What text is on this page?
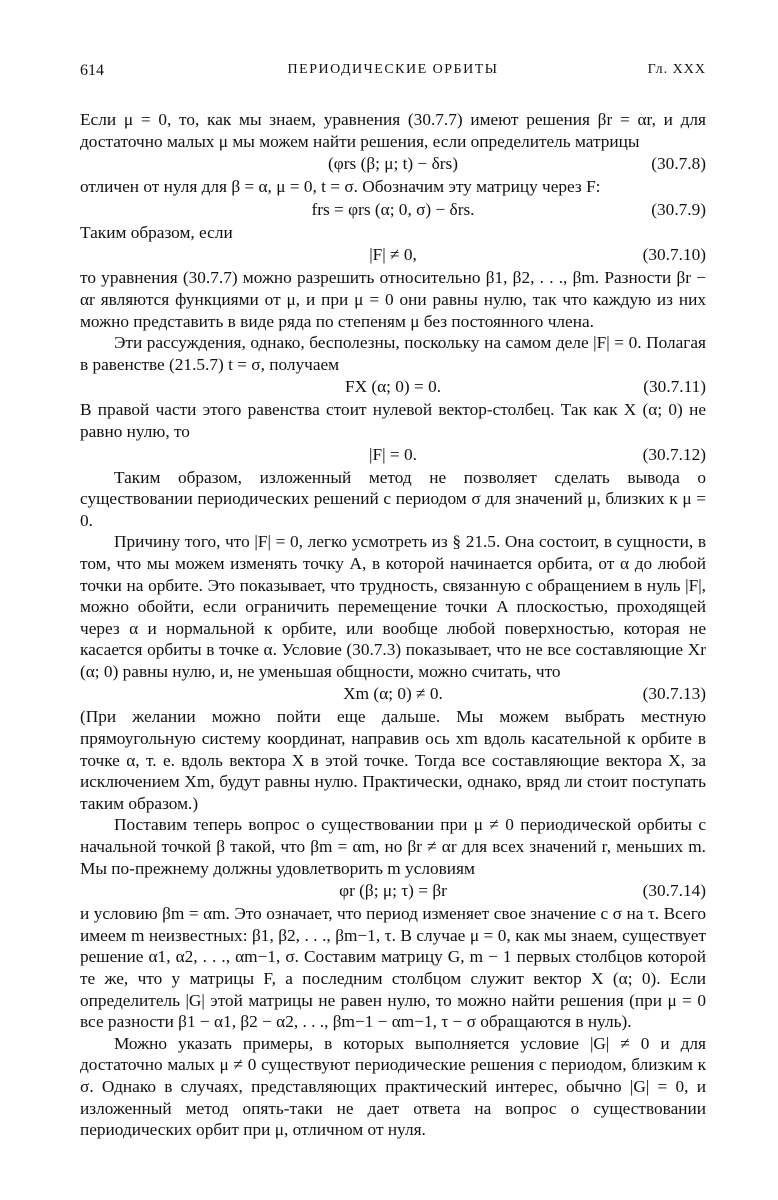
614	ПЕРИОДИЧЕСКИЕ ОРБИТЫ	Гл. XXX

Если μ = 0, то, как мы знаем, уравнения (30.7.7) имеют решения βr = αr, и для достаточно малых μ мы можем найти решения, если определитель матрицы

(φrs (β; μ; t) − δrs)	(30.7.8)

отличен от нуля для β = α, μ = 0, t = σ. Обозначим эту матрицу через F:

frs = φrs (α; 0, σ) − δrs.	(30.7.9)

Таким образом, если

|F| ≠ 0,	(30.7.10)

то уравнения (30.7.7) можно разрешить относительно β1, β2, . . ., βm. Разности βr − αr являются функциями от μ, и при μ = 0 они равны нулю, так что каждую из них можно представить в виде ряда по степеням μ без постоянного члена.

Эти рассуждения, однако, бесполезны, поскольку на самом деле |F| = 0. Полагая в равенстве (21.5.7) t = σ, получаем

FX (α; 0) = 0.	(30.7.11)

В правой части этого равенства стоит нулевой вектор-столбец. Так как X (α; 0) не равно нулю, то

|F| = 0.	(30.7.12)

Таким образом, изложенный метод не позволяет сделать вывода о существовании периодических решений с периодом σ для значений μ, близких к μ = 0.

Причину того, что |F| = 0, легко усмотреть из § 21.5. Она состоит, в сущности, в том, что мы можем изменять точку A, в которой начинается орбита, от α до любой точки на орбите. Это показывает, что трудность, связанную с обращением в нуль |F|, можно обойти, если ограничить перемещение точки A плоскостью, проходящей через α и нормальной к орбите, или вообще любой поверхностью, которая не касается орбиты в точке α. Условие (30.7.3) показывает, что не все составляющие Xr (α; 0) равны нулю, и, не уменьшая общности, можно считать, что

Xm (α; 0) ≠ 0.	(30.7.13)

(При желании можно пойти еще дальше. Мы можем выбрать местную прямоугольную систему координат, направив ось xm вдоль касательной к орбите в точке α, т. е. вдоль вектора X в этой точке. Тогда все составляющие вектора X, за исключением Xm, будут равны нулю. Практически, однако, вряд ли стоит поступать таким образом.)

Поставим теперь вопрос о существовании при μ ≠ 0 периодической орбиты с начальной точкой β такой, что βm = αm, но βr ≠ αr для всех значений r, меньших m. Мы по-прежнему должны удовлетворить m условиям

φr (β; μ; τ) = βr	(30.7.14)

и условию βm = αm. Это означает, что период изменяет свое значение с σ на τ. Всего имеем m неизвестных: β1, β2, . . ., βm−1, τ. В случае μ = 0, как мы знаем, существует решение α1, α2, . . ., αm−1, σ. Составим матрицу G, m − 1 первых столбцов которой те же, что у матрицы F, а последним столбцом служит вектор X (α; 0). Если определитель |G| этой матрицы не равен нулю, то можно найти решения (при μ = 0 все разности β1 − α1, β2 − α2, . . ., βm−1 − αm−1, τ − σ обращаются в нуль).

Можно указать примеры, в которых выполняется условие |G| ≠ 0 и для достаточно малых μ ≠ 0 существуют периодические решения с периодом, близким к σ. Однако в случаях, представляющих практический интерес, обычно |G| = 0, и изложенный метод опять-таки не дает ответа на вопрос о существовании периодических орбит при μ, отличном от нуля.
